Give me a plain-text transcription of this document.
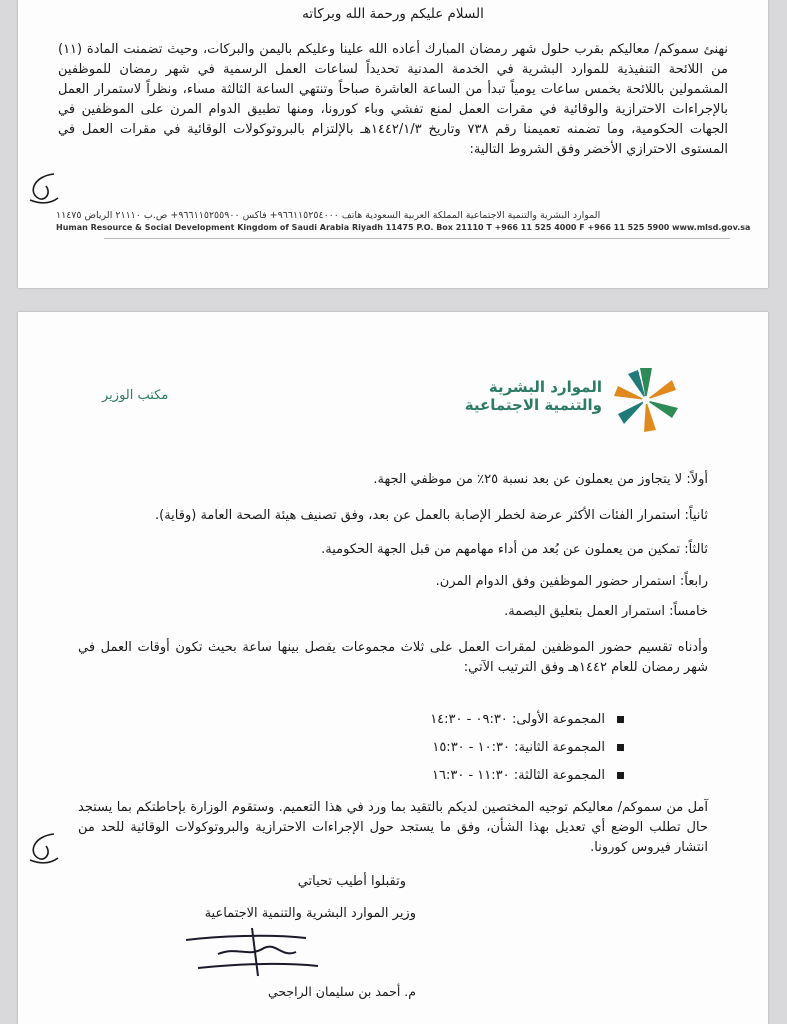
السلام عليكم ورحمة الله وبركاته
نهنئ سموكم/ معاليكم بقرب حلول شهر رمضان المبارك أعاده الله علينا وعليكم باليمن والبركات، وحيث تضمنت المادة (١١) من اللائحة التنفيذية للموارد البشرية في الخدمة المدنية تحديداً لساعات العمل الرسمية في شهر رمضان للموظفين المشمولين باللائحة بخمس ساعات يومياً تبدأ من الساعة العاشرة صباحاً وتنتهي الساعة الثالثة مساء، ونظراً لاستمرار العمل بالإجراءات الاحترازية والوقائية في مقرات العمل لمنع تفشي وباء كورونا، ومنها تطبيق الدوام المرن على الموظفين في الجهات الحكومية، وما تضمنه تعميمنا رقم ٧٣٨ وتاريخ ١٤٤٢/١/٣هـ بالإلتزام بالبروتوكولات الوقائية في مقرات العمل في المستوى الاحترازي الأخضر وفق الشروط التالية:
الموارد البشرية والتنمية الاجتماعية المملكة العربية السعودية هاتف ٩٦٦١١٥٢٥٤٠٠٠+ فاكس ٩٦٦١١٥٢٥٥٩٠٠+ ص.ب ٢١١١٠ الرياض ١١٤٧٥
Human Resource & Social Development Kingdom of Saudi Arabia Riyadh 11475 P.O. Box 21110 T +966 11 525 4000 F +966 11 525 5900 www.mlsd.gov.sa
الموارد البشرية
والتنمية الاجتماعية
مكتب الوزير
أولاً: لا يتجاوز من يعملون عن بعد نسبة ٢٥٪ من موظفي الجهة.
ثانياً: استمرار الفئات الأكثر عرضة لخطر الإصابة بالعمل عن بعد، وفق تصنيف هيئة الصحة العامة (وقاية).
ثالثاً: تمكين من يعملون عن بُعد من أداء مهامهم من قبل الجهة الحكومية.
رابعاً: استمرار حضور الموظفين وفق الدوام المرن.
خامساً: استمرار العمل بتعليق البصمة.
وأدناه تقسيم حضور الموظفين لمقرات العمل على ثلاث مجموعات يفصل بينها ساعة بحيث تكون أوقات العمل في شهر رمضان للعام ١٤٤٢هـ وفق الترتيب الآتي:
المجموعة الأولى: ٠٩:٣٠ - ١٤:٣٠
المجموعة الثانية: ١٠:٣٠ - ١٥:٣٠
المجموعة الثالثة: ١١:٣٠ - ١٦:٣٠
آمل من سموكم/ معاليكم توجيه المختصين لديكم بالتقيد بما ورد في هذا التعميم. وستقوم الوزارة بإحاطتكم بما يستجد حال تطلب الوضع أي تعديل بهذا الشأن، وفق ما يستجد حول الإجراءات الاحترازية والبروتوكولات الوقائية للحد من انتشار فيروس كورونا.
وتقبلوا أطيب تحياتي
وزير الموارد البشرية والتنمية الاجتماعية
م. أحمد بن سليمان الراجحي
